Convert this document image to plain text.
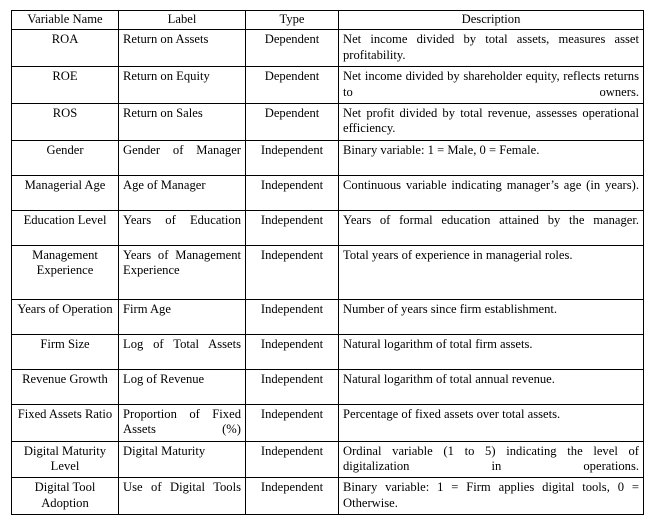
Variable Name	Label	Type	Description
ROA	Return on Assets	Dependent	Net income divided by total assets, measures asset profitability.
ROE	Return on Equity	Dependent	Net income divided by shareholder equity, reflects returns to owners.
ROS	Return on Sales	Dependent	Net profit divided by total revenue, assesses operational efficiency.
Gender	Gender of Manager	Independent	Binary variable: 1 = Male, 0 = Female.
Managerial Age	Age of Manager	Independent	Continuous variable indicating manager’s age (in years).
Education Level	Years of Education	Independent	Years of formal education attained by the manager.
Management Experience	Years of Management Experience	Independent	Total years of experience in managerial roles.
Years of Operation	Firm Age	Independent	Number of years since firm establishment.
Firm Size	Log of Total Assets	Independent	Natural logarithm of total firm assets.
Revenue Growth	Log of Revenue	Independent	Natural logarithm of total annual revenue.
Fixed Assets Ratio	Proportion of Fixed Assets (%)	Independent	Percentage of fixed assets over total assets.
Digital Maturity Level	Digital Maturity	Independent	Ordinal variable (1 to 5) indicating the level of digitalization in operations.
Digital Tool Adoption	Use of Digital Tools	Independent	Binary variable: 1 = Firm applies digital tools, 0 = Otherwise.
